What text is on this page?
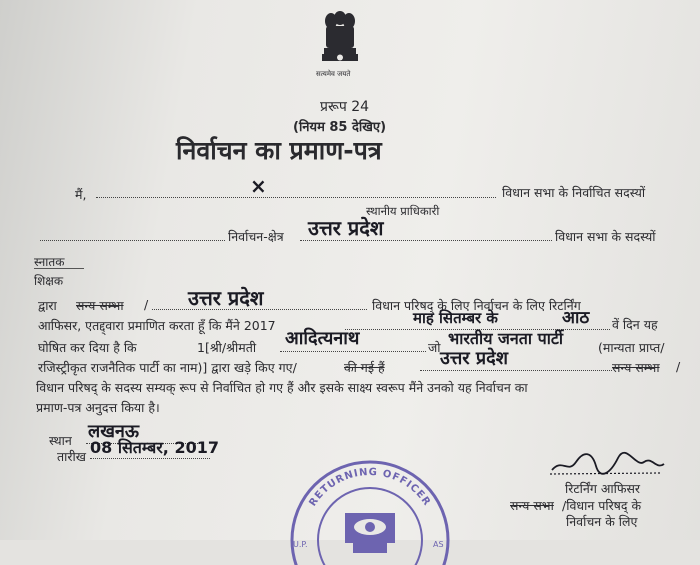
सत्यमेव जयते
प्ररूप 24
(नियम 85 देखिए)
निर्वाचन का प्रमाण-पत्र
मैं,	×	विधान सभा के निर्वाचित सदस्यों
स्थानीय प्राधिकारी
निर्वाचन-क्षेत्र उत्तर प्रदेश	विधान सभा के सदस्यों
स्नातक
शिक्षक
द्वारा सन्य सम्भा / उत्तर प्रदेश	विधान परिषद् के लिए निर्वाचन के लिए रिटर्निंग
आफिसर, एतद्द्वारा प्रमाणित करता हूँ कि मैंने 2017	माह सितम्बर के	आठ वें दिन यह
घोषित कर दिया है कि	1[श्री/श्रीमती आदित्यनाथ	जो भारतीय जनता पार्टी	(मान्यता प्राप्त/
रजिस्ट्रीकृत राजनैतिक पार्टी का नाम)] द्वारा खड़े किए गए/	की गई हैं	उत्तर प्रदेश	सन्य सम्भा /
विधान परिषद् के सदस्य सम्यक् रूप से निर्वाचित हो गए हैं और इसके साक्ष्य स्वरूप मैंने उनको यह निर्वाचन का
प्रमाण-पत्र अनुदत्त किया है।
स्थान लखनऊ
तारीख 08 सितम्बर, 2017
रिटर्निंग आफिसर
सन्य सभा /विधान परिषद् के
निर्वाचन के लिए
RETURNING OFFICER
U.P.	AS
